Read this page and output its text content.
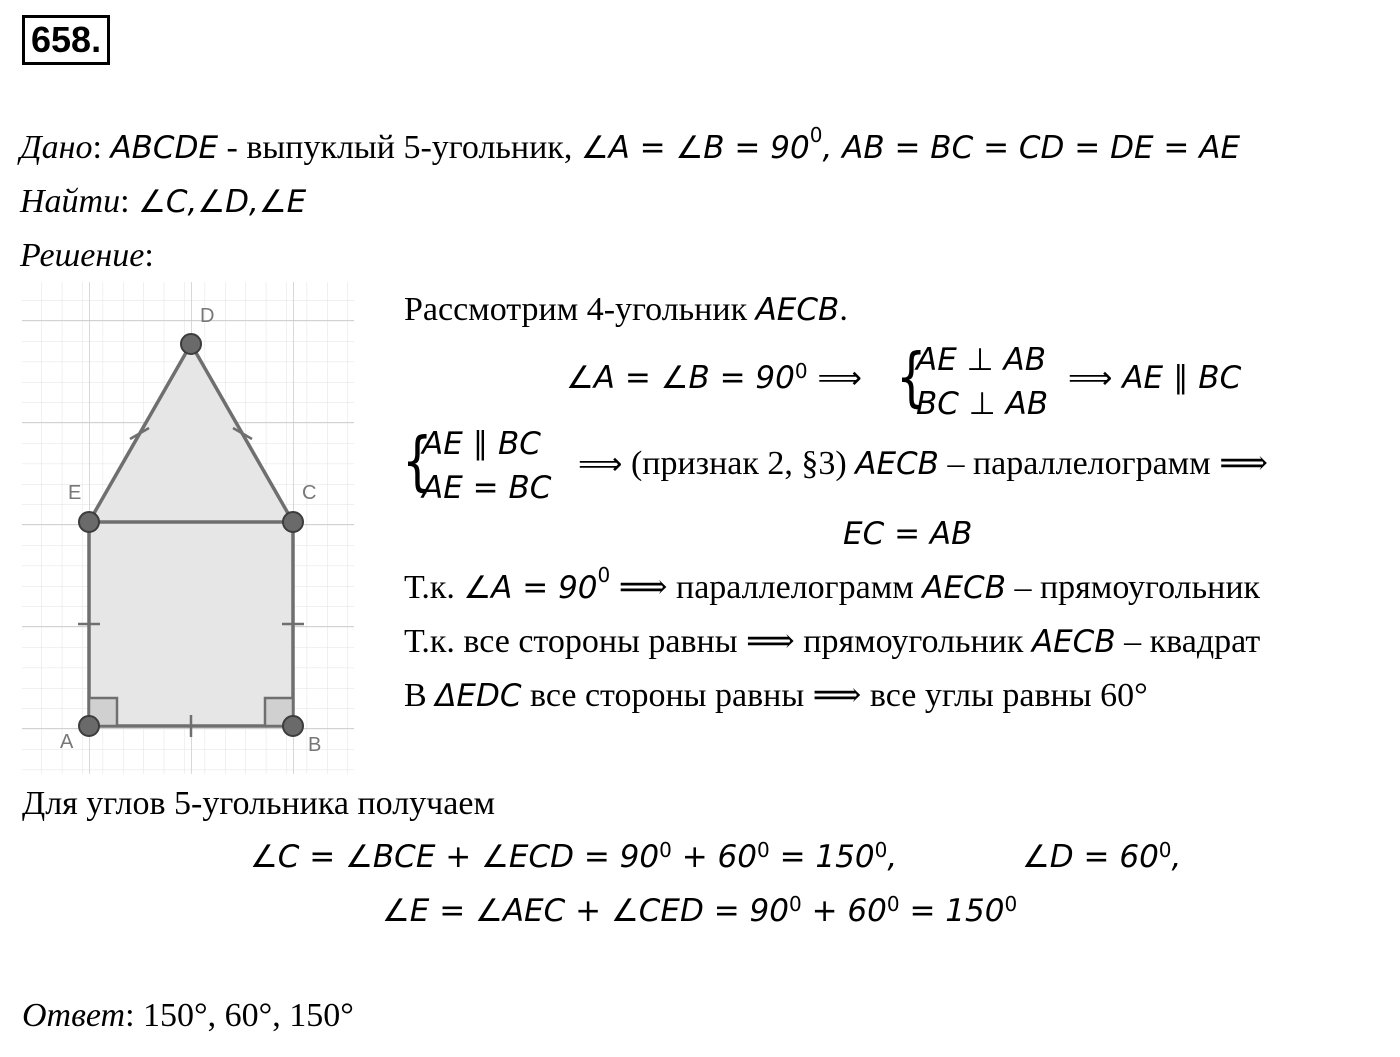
658.
Дано: ABCDE - выпуклый 5-угольник, ∠A = ∠B = $90^0$, AB = BC = CD = DE = AE
Найти: ∠C,∠D,∠E
Решение:
A	B
C
D
E
Рассмотрим 4-угольник AECB.
∠A = ∠B = $90^0$ ⟹ {
AE ⊥ AB
BC ⊥ AB
⟹ AE ∥ BC
{
AE ∥ BC
AE = BC
⟹ (признак 2, §3) AECB – параллелограмм ⟹
EC = AB
Т.к. ∠A = $90^0$ ⟹ параллелограмм AECB – прямоугольник
Т.к. все стороны равны ⟹ прямоугольник AECB – квадрат
В ΔEDC все стороны равны ⟹ все углы равны 60°
Для углов 5-угольника получаем
∠C = ∠BCE + ∠ECD = $90^0 + 60^0 = 150^0$,	∠D = $60^0$,
∠E = ∠AEC + ∠CED = $90^0 + 60^0 = 150^0$
Ответ: 150°, 60°, 150°
